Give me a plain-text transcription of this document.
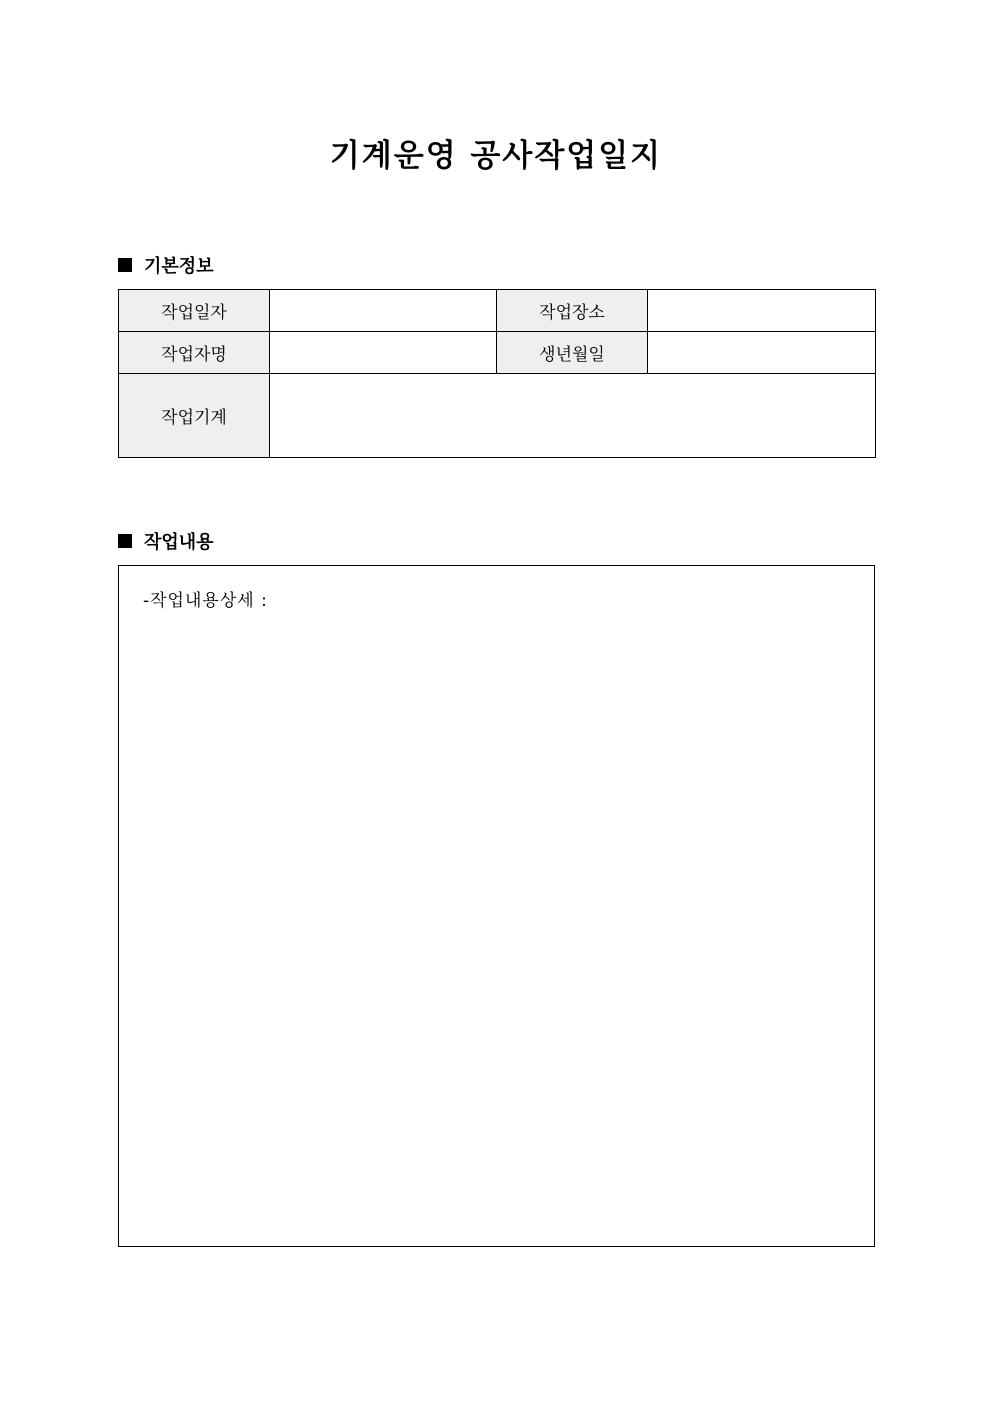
기계운영 공사작업일지
기본정보
작업일자		작업장소	
작업자명		생년월일	
작업기계			
작업내용
-작업내용상세 :
